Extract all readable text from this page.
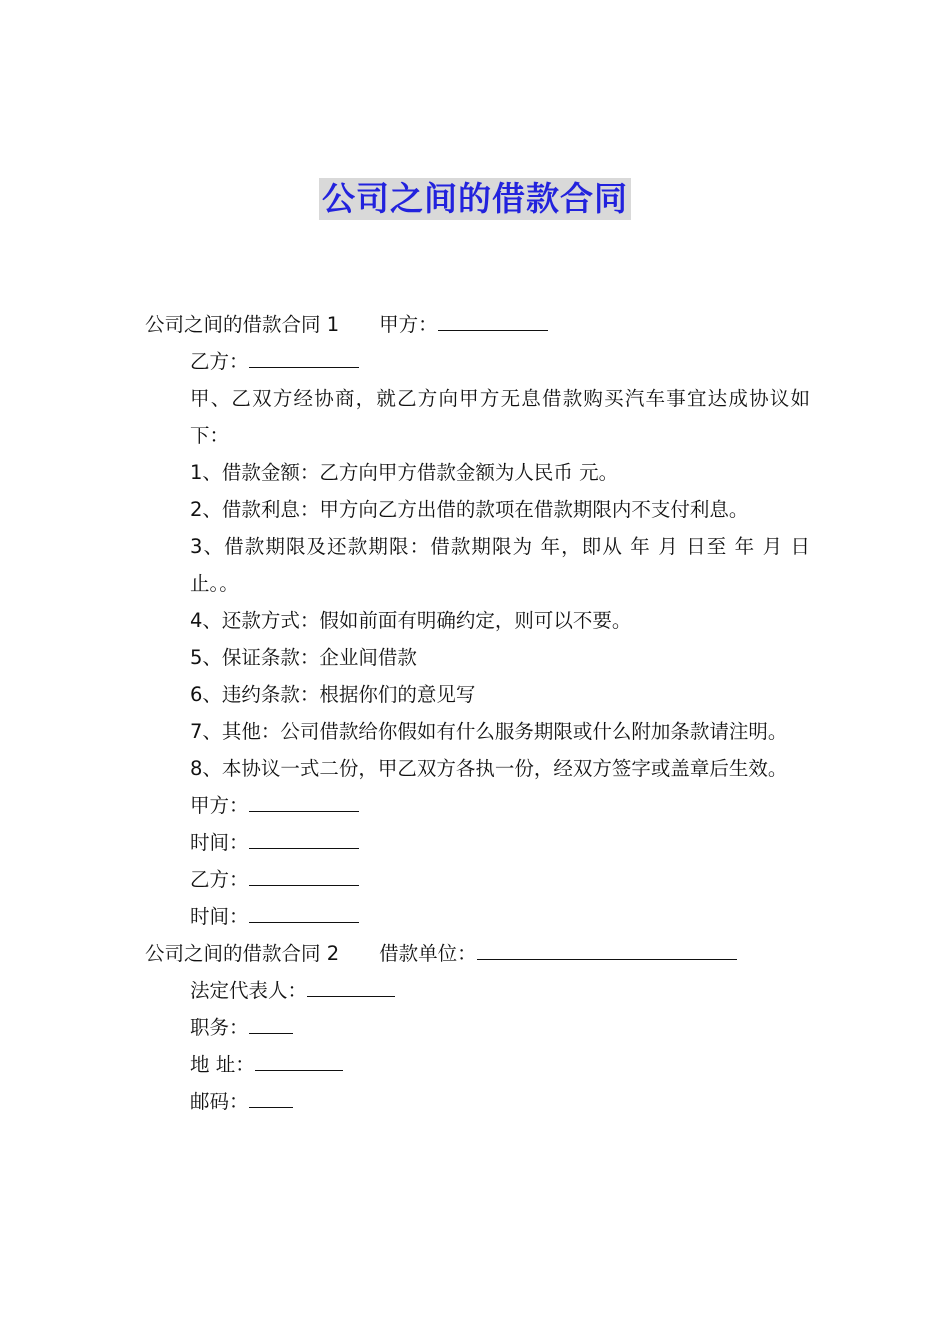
公司之间的借款合同
公司之间的借款合同 1 甲方：
乙方：
甲、乙双方经协商，就乙方向甲方无息借款购买汽车事宜达成协议如下：
1、借款金额：乙方向甲方借款金额为人民币 元。
2、借款利息：甲方向乙方出借的款项在借款期限内不支付利息。
3、借款期限及还款期限：借款期限为 年，即从 年 月 日至 年 月 日止。。
4、还款方式：假如前面有明确约定，则可以不要。
5、保证条款：企业间借款
6、违约条款：根据你们的意见写
7、其他：公司借款给你假如有什么服务期限或什么附加条款请注明。
8、本协议一式二份，甲乙双方各执一份，经双方签字或盖章后生效。
甲方：
时间：
乙方：
时间：
公司之间的借款合同 2 借款单位：
法定代表人：
职务：
地 址：
邮码：
